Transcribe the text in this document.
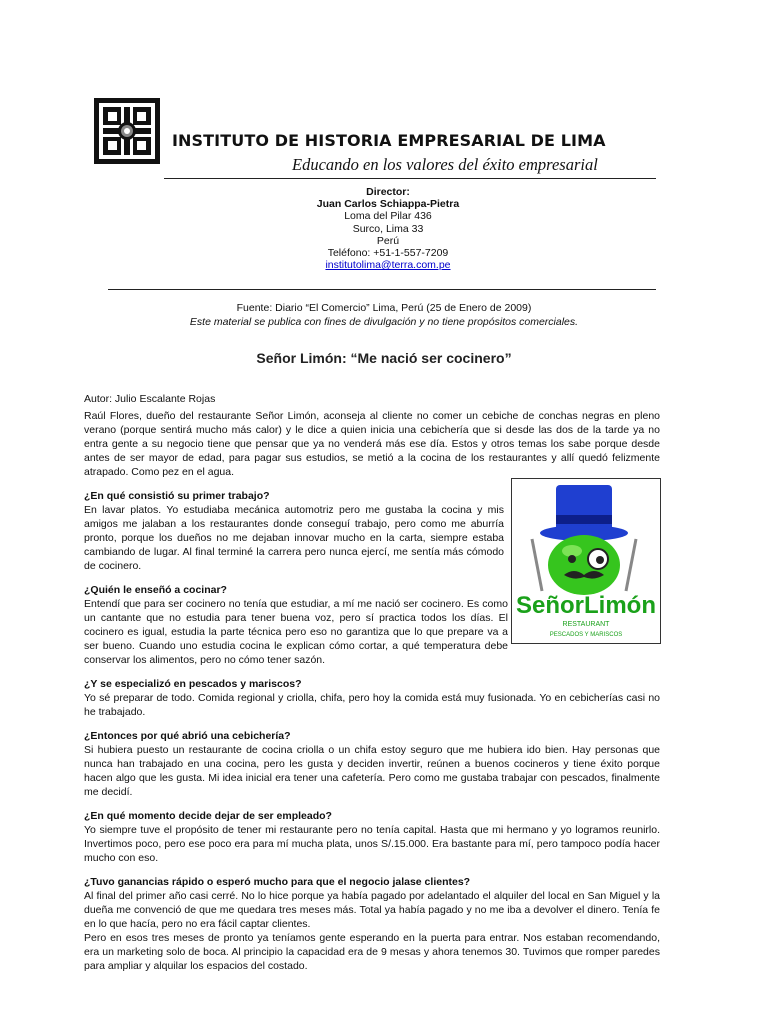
INSTITUTO DE HISTORIA EMPRESARIAL DE LIMA
Educando en los valores del éxito empresarial
Director:
Juan Carlos Schiappa-Pietra
Loma del Pilar 436
Surco, Lima 33
Perú
Teléfono: +51-1-557-7209
institutolima@terra.com.pe
Fuente: Diario “El Comercio” Lima, Perú (25 de Enero de 2009)
Este material se publica con fines de divulgación y no tiene propósitos comerciales.
Señor Limón: “Me nació ser cocinero”
SeñorLimón
RESTAURANT
PESCADOS Y MARISCOS

Autor: Julio Escalante Rojas

Raúl Flores, dueño del restaurante Señor Limón, aconseja al cliente no comer un cebiche de conchas negras en pleno verano (porque sentirá mucho más calor) y le dice a quien inicia una cebichería que si desde las dos de la tarde ya no entra gente a su negocio tiene que pensar que ya no venderá más ese día. Estos y otros temas los sabe porque desde antes de ser mayor de edad, para pagar sus estudios, se metió a la cocina de los restaurantes y allí quedó felizmente atrapado. Como pez en el agua.

¿En qué consistió su primer trabajo?

En lavar platos. Yo estudiaba mecánica automotriz pero me gustaba la cocina y mis amigos me jalaban a los restaurantes donde conseguí trabajo, pero como me aburría pronto, porque los dueños no me dejaban innovar mucho en la carta, siempre estaba cambiando de lugar. Al final terminé la carrera pero nunca ejercí, me sentía más cómodo de cocinero.

¿Quién le enseñó a cocinar?

Entendí que para ser cocinero no tenía que estudiar, a mí me nació ser cocinero. Es como un cantante que no estudia para tener buena voz, pero sí practica todos los días. El cocinero es igual, estudia la parte técnica pero eso no garantiza que lo que prepare va a ser bueno. Cuando uno estudia cocina le explican cómo cortar, a qué temperatura debe conservar los alimentos, pero no cómo tener sazón.

¿Y se especializó en pescados y mariscos?

Yo sé preparar de todo. Comida regional y criolla, chifa, pero hoy la comida está muy fusionada. Yo en cebicherías casi no he trabajado.

¿Entonces por qué abrió una cebichería?

Si hubiera puesto un restaurante de cocina criolla o un chifa estoy seguro que me hubiera ido bien. Hay personas que nunca han trabajado en una cocina, pero les gusta y deciden invertir, reúnen a buenos cocineros y tiene éxito porque hacen algo que les gusta. Mi idea inicial era tener una cafetería. Pero como me gustaba trabajar con pescados, finalmente me decidí.

¿En qué momento decide dejar de ser empleado?

Yo siempre tuve el propósito de tener mi restaurante pero no tenía capital. Hasta que mi hermano y yo logramos reunirlo. Invertimos poco, pero ese poco era para mí mucha plata, unos S/.15.000. Era bastante para mí, pero tampoco podía hacer mucho con eso.

¿Tuvo ganancias rápido o esperó mucho para que el negocio jalase clientes?

Al final del primer año casi cerré. No lo hice porque ya había pagado por adelantado el alquiler del local en San Miguel y la dueña me convenció de que me quedara tres meses más. Total ya había pagado y no me iba a devolver el dinero. Tenía fe en lo que hacía, pero no era fácil captar clientes.

Pero en esos tres meses de pronto ya teníamos gente esperando en la puerta para entrar. Nos estaban recomendando, era un marketing solo de boca. Al principio la capacidad era de 9 mesas y ahora tenemos 30. Tuvimos que romper paredes para ampliar y alquilar los espacios del costado.
